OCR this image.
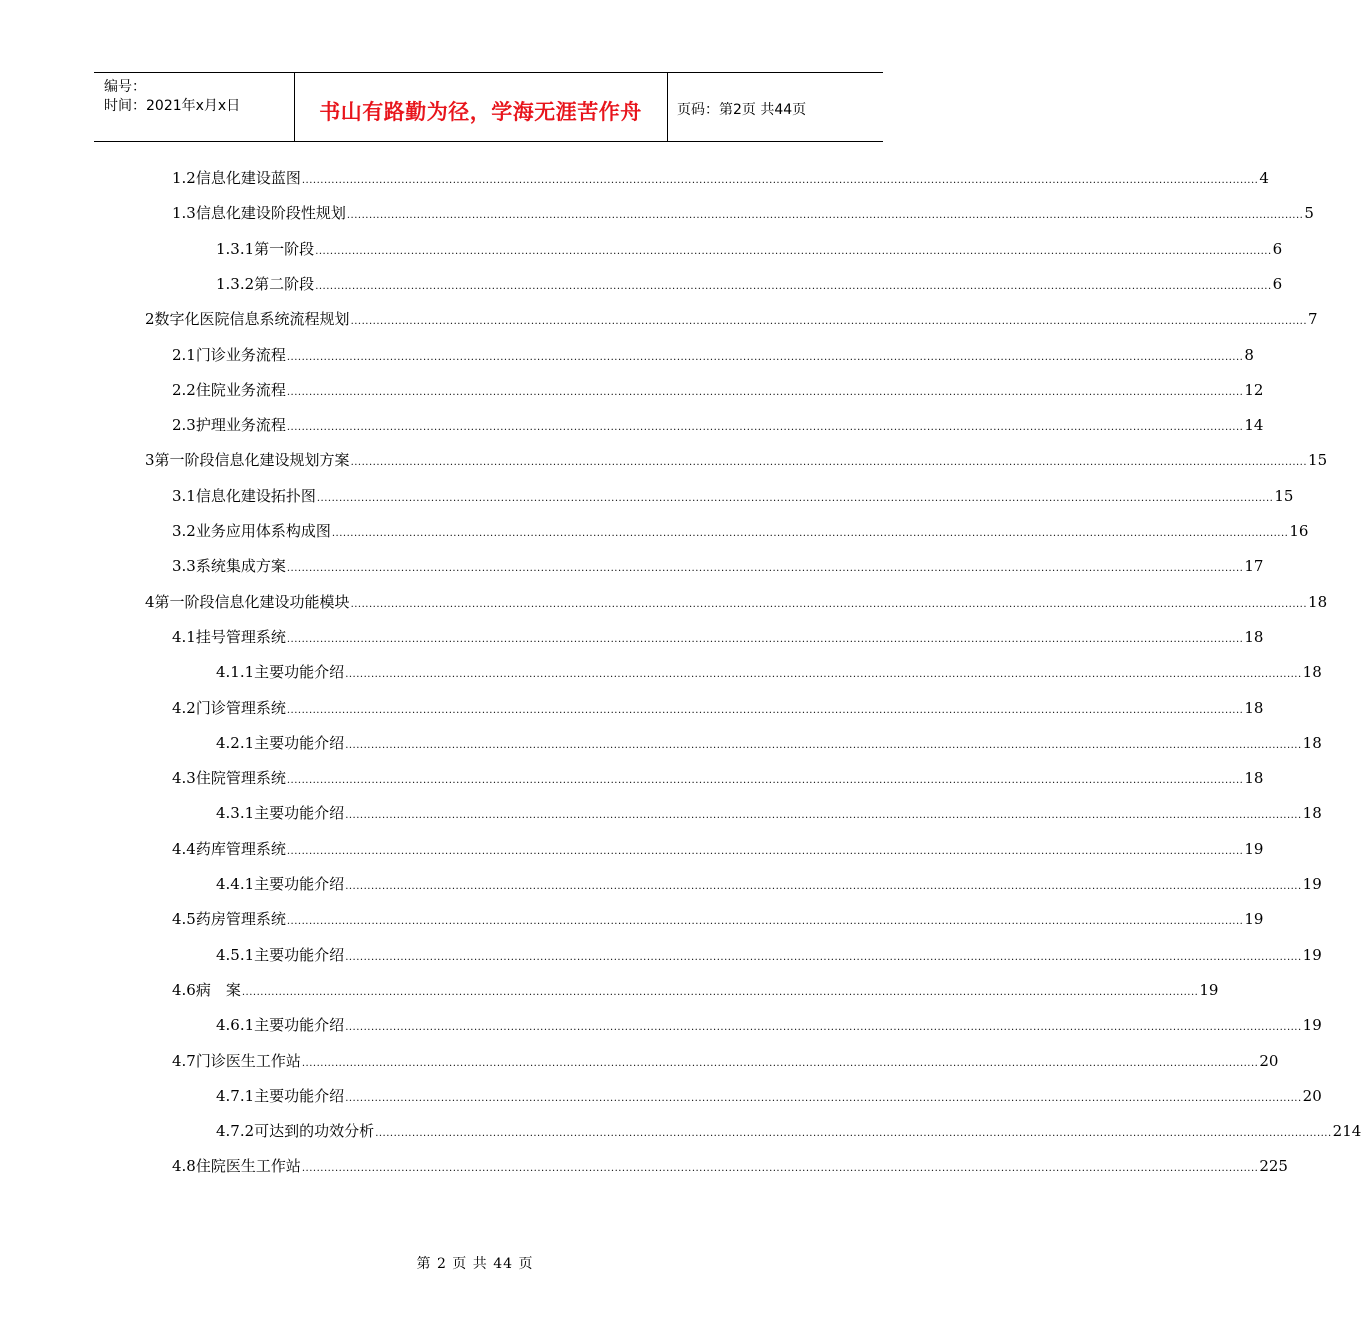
编号：
时间：2021年x月x日	书山有路勤为径，学海无涯苦作舟	页码：第2页 共44页
1.2 信息化建设蓝图 .................................................................................................................................................................................................................................................................... 4
1.3 信息化建设阶段性规划 .................................................................................................................................................................................................................................................................... 5
1.3.1 第一阶段 .................................................................................................................................................................................................................................................................... 6
1.3.2 第二阶段 .................................................................................................................................................................................................................................................................... 6
2 数字化医院信息系统流程规划 .................................................................................................................................................................................................................................................................... 7
2.1 门诊业务流程 .................................................................................................................................................................................................................................................................... 8
2.2 住院业务流程 .................................................................................................................................................................................................................................................................... 12
2.3 护理业务流程 .................................................................................................................................................................................................................................................................... 14
3 第一阶段信息化建设规划方案 .................................................................................................................................................................................................................................................................... 15
3.1 信息化建设拓扑图 .................................................................................................................................................................................................................................................................... 15
3.2 业务应用体系构成图 .................................................................................................................................................................................................................................................................... 16
3.3 系统集成方案 .................................................................................................................................................................................................................................................................... 17
4 第一阶段信息化建设功能模块 .................................................................................................................................................................................................................................................................... 18
4.1 挂号管理系统 .................................................................................................................................................................................................................................................................... 18
4.1.1 主要功能介绍 .................................................................................................................................................................................................................................................................... 18
4.2 门诊管理系统 .................................................................................................................................................................................................................................................................... 18
4.2.1 主要功能介绍 .................................................................................................................................................................................................................................................................... 18
4.3 住院管理系统 .................................................................................................................................................................................................................................................................... 18
4.3.1 主要功能介绍 .................................................................................................................................................................................................................................................................... 18
4.4 药库管理系统 .................................................................................................................................................................................................................................................................... 19
4.4.1 主要功能介绍 .................................................................................................................................................................................................................................................................... 19
4.5 药房管理系统 .................................................................................................................................................................................................................................................................... 19
4.5.1 主要功能介绍 .................................................................................................................................................................................................................................................................... 19
4.6 病　案 .................................................................................................................................................................................................................................................................... 19
4.6.1 主要功能介绍 .................................................................................................................................................................................................................................................................... 19
4.7 门诊医生工作站 .................................................................................................................................................................................................................................................................... 20
4.7.1 主要功能介绍 .................................................................................................................................................................................................................................................................... 20
4.7.2 可达到的功效分析 .................................................................................................................................................................................................................................................................... 214
4.8 住院医生工作站 .................................................................................................................................................................................................................................................................... 225
第 2 页 共 44 页
